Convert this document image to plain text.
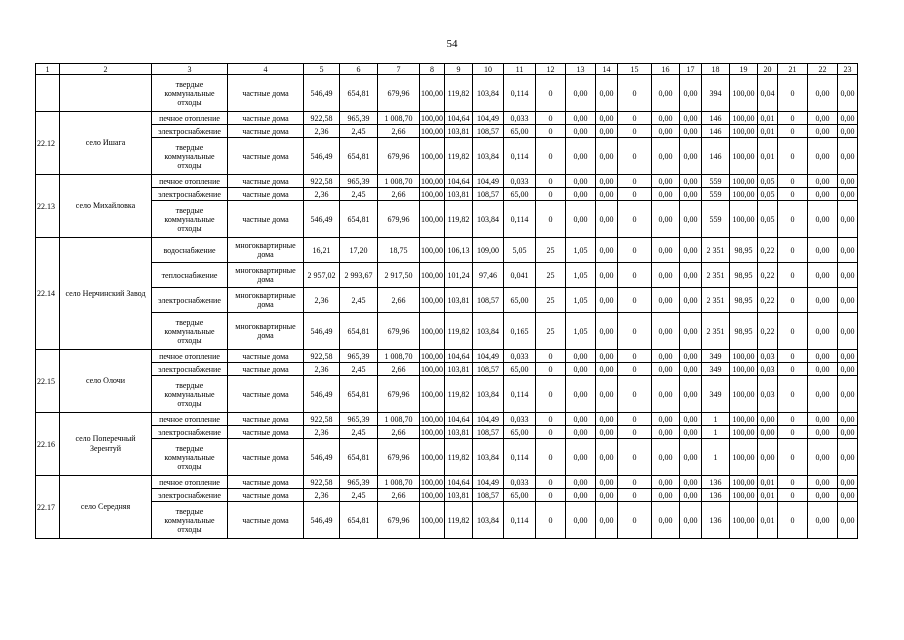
54
1	2	3	4	5	6	7	8	9	10	11	12	13	14	15	16	17	18	19	20	21	22	23
		твердые коммунальные отходы	частные дома	546,49	654,81	679,96	100,00	119,82	103,84	0,114	0	0,00	0,00	0	0,00	0,00	394	100,00	0,04	0	0,00	0,00
22.12	село Ишага	печное отопление	частные дома	922,58	965,39	1 008,70	100,00	104,64	104,49	0,033	0	0,00	0,00	0	0,00	0,00	146	100,00	0,01	0	0,00	0,00
		электроснабжение	частные дома	2,36	2,45	2,66	100,00	103,81	108,57	65,00	0	0,00	0,00	0	0,00	0,00	146	100,00	0,01	0	0,00	0,00
		твердые коммунальные отходы	частные дома	546,49	654,81	679,96	100,00	119,82	103,84	0,114	0	0,00	0,00	0	0,00	0,00	146	100,00	0,01	0	0,00	0,00
22.13	село Михайловка	печное отопление	частные дома	922,58	965,39	1 008,70	100,00	104,64	104,49	0,033	0	0,00	0,00	0	0,00	0,00	559	100,00	0,05	0	0,00	0,00
		электроснабжение	частные дома	2,36	2,45	2,66	100,00	103,81	108,57	65,00	0	0,00	0,00	0	0,00	0,00	559	100,00	0,05	0	0,00	0,00
		твердые коммунальные отходы	частные дома	546,49	654,81	679,96	100,00	119,82	103,84	0,114	0	0,00	0,00	0	0,00	0,00	559	100,00	0,05	0	0,00	0,00
22.14	село Нерчинский Завод	водоснабжение	многоквартирные дома	16,21	17,20	18,75	100,00	106,13	109,00	5,05	25	1,05	0,00	0	0,00	0,00	2 351	98,95	0,22	0	0,00	0,00
		теплоснабжение	многоквартирные дома	2 957,02	2 993,67	2 917,50	100,00	101,24	97,46	0,041	25	1,05	0,00	0	0,00	0,00	2 351	98,95	0,22	0	0,00	0,00
		электроснабжение	многоквартирные дома	2,36	2,45	2,66	100,00	103,81	108,57	65,00	25	1,05	0,00	0	0,00	0,00	2 351	98,95	0,22	0	0,00	0,00
		твердые коммунальные отходы	многоквартирные дома	546,49	654,81	679,96	100,00	119,82	103,84	0,165	25	1,05	0,00	0	0,00	0,00	2 351	98,95	0,22	0	0,00	0,00
22.15	село Олочи	печное отопление	частные дома	922,58	965,39	1 008,70	100,00	104,64	104,49	0,033	0	0,00	0,00	0	0,00	0,00	349	100,00	0,03	0	0,00	0,00
		электроснабжение	частные дома	2,36	2,45	2,66	100,00	103,81	108,57	65,00	0	0,00	0,00	0	0,00	0,00	349	100,00	0,03	0	0,00	0,00
		твердые коммунальные отходы	частные дома	546,49	654,81	679,96	100,00	119,82	103,84	0,114	0	0,00	0,00	0	0,00	0,00	349	100,00	0,03	0	0,00	0,00
22.16	село Поперечный Зерентуй	печное отопление	частные дома	922,58	965,39	1 008,70	100,00	104,64	104,49	0,033	0	0,00	0,00	0	0,00	0,00	1	100,00	0,00	0	0,00	0,00
		электроснабжение	частные дома	2,36	2,45	2,66	100,00	103,81	108,57	65,00	0	0,00	0,00	0	0,00	0,00	1	100,00	0,00	0	0,00	0,00
		твердые коммунальные отходы	частные дома	546,49	654,81	679,96	100,00	119,82	103,84	0,114	0	0,00	0,00	0	0,00	0,00	1	100,00	0,00	0	0,00	0,00
22.17	село Середняя	печное отопление	частные дома	922,58	965,39	1 008,70	100,00	104,64	104,49	0,033	0	0,00	0,00	0	0,00	0,00	136	100,00	0,01	0	0,00	0,00
		электроснабжение	частные дома	2,36	2,45	2,66	100,00	103,81	108,57	65,00	0	0,00	0,00	0	0,00	0,00	136	100,00	0,01	0	0,00	0,00
		твердые коммунальные отходы	частные дома	546,49	654,81	679,96	100,00	119,82	103,84	0,114	0	0,00	0,00	0	0,00	0,00	136	100,00	0,01	0	0,00	0,00
